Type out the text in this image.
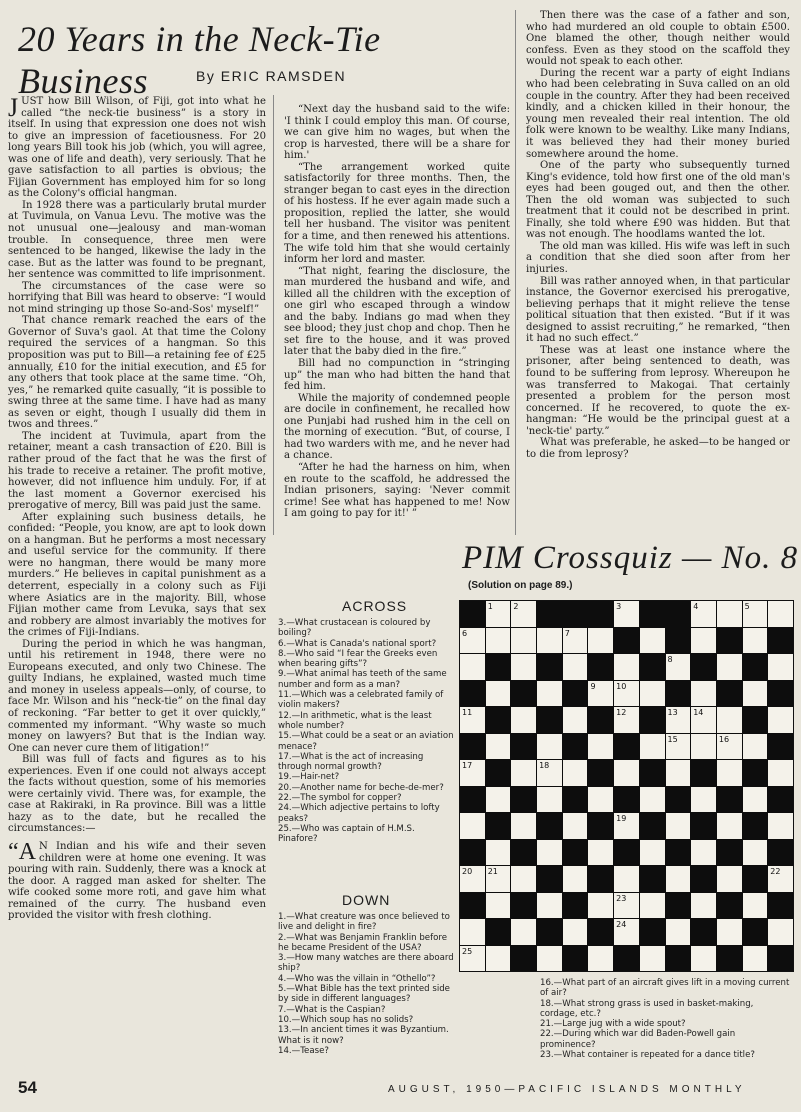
20 Years in the Neck-Tie Business	By ERIC RAMSDEN

JUST how Bill Wilson, of Fiji, got into what he called “the neck-tie business” is a story in itself. In using that expression one does not wish to give an impression of facetiousness. For 20 long years Bill took his job (which, you will agree, was one of life and death), very seriously. That he gave satisfaction to all parties is obvious; the Fijian Government has employed him for so long as the Colony's official hangman.

In 1928 there was a particularly brutal murder at Tuvimula, on Vanua Levu. The motive was the not unusual one—jealousy and man-woman trouble. In consequence, three men were sentenced to be hanged, likewise the lady in the case. But as the latter was found to be pregnant, her sentence was committed to life imprisonment.

The circumstances of the case were so horrifying that Bill was heard to observe: “I would not mind stringing up those So-and-Sos' myself!”

That chance remark reached the ears of the Governor of Suva's gaol. At that time the Colony required the services of a hangman. So this proposition was put to Bill—a retaining fee of £25 annually, £10 for the initial execution, and £5 for any others that took place at the same time. “Oh, yes,” he remarked quite casually, “it is possible to swing three at the same time. I have had as many as seven or eight, though I usually did them in twos and threes.”

The incident at Tuvimula, apart from the retainer, meant a cash transaction of £20. Bill is rather proud of the fact that he was the first of his trade to receive a retainer. The profit motive, however, did not influence him unduly. For, if at the last moment a Governor exercised his prerogative of mercy, Bill was paid just the same.

After explaining such business details, he confided: “People, you know, are apt to look down on a hangman. But he performs a most necessary and useful service for the community. If there were no hangman, there would be many more murders.” He believes in capital punishment as a deterrent, especially in a colony such as Fiji where Asiatics are in the majority. Bill, whose Fijian mother came from Levuka, says that sex and robbery are almost invariably the motives for the crimes of Fiji-Indians.

During the period in which he was hangman, until his retirement in 1948, there were no Europeans executed, and only two Chinese. The guilty Indians, he explained, wasted much time and money in useless appeals—only, of course, to face Mr. Wilson and his “neck-tie” on the final day of reckoning. “Far better to get it over quickly,” commented my informant. “Why waste so much money on lawyers? But that is the Indian way. One can never cure them of litigation!”

Bill was full of facts and figures as to his experiences. Even if one could not always accept the facts without question, some of his memories were certainly vivid. There was, for example, the case at Rakiraki, in Ra province. Bill was a little hazy as to the date, but he recalled the circumstances:—

“A N Indian and his wife and their seven children were at home one evening. It was pouring with rain. Suddenly, there was a knock at the door. A ragged man asked for shelter. The wife cooked some more roti, and gave him what remained of the curry. The husband even provided the visitor with fresh clothing.

“Next day the husband said to the wife: 'I think I could employ this man. Of course, we can give him no wages, but when the crop is harvested, there will be a share for him.'

“The arrangement worked quite satisfactorily for three months. Then, the stranger began to cast eyes in the direction of his hostess. If he ever again made such a proposition, replied the latter, she would tell her husband. The visitor was penitent for a time, and then renewed his attentions. The wife told him that she would certainly inform her lord and master.

“That night, fearing the disclosure, the man murdered the husband and wife, and killed all the children with the exception of one girl who escaped through a window and the baby. Indians go mad when they see blood; they just chop and chop. Then he set fire to the house, and it was proved later that the baby died in the fire.”

Bill had no compunction in “stringing up” the man who had bitten the hand that fed him.

While the majority of condemned people are docile in confinement, he recalled how one Punjabi had rushed him in the cell on the morning of execution. “But, of course, I had two warders with me, and he never had a chance.

“After he had the harness on him, when en route to the scaffold, he addressed the Indian prisoners, saying: 'Never commit crime! See what has happened to me! Now I am going to pay for it!' ”

Then there was the case of a father and son, who had murdered an old couple to obtain £500. One blamed the other, though neither would confess. Even as they stood on the scaffold they would not speak to each other.

During the recent war a party of eight Indians who had been celebrating in Suva called on an old couple in the country. After they had been received kindly, and a chicken killed in their honour, the young men revealed their real intention. The old folk were known to be wealthy. Like many Indians, it was believed they had their money buried somewhere around the home.

One of the party who subsequently turned King's evidence, told how first one of the old man's eyes had been gouged out, and then the other. Then the old woman was subjected to such treatment that it could not be described in print. Finally, she told where £90 was hidden. But that was not enough. The hoodlams wanted the lot.

The old man was killed. His wife was left in such a condition that she died soon after from her injuries.

Bill was rather annoyed when, in that particular instance, the Governor exercised his prerogative, believing perhaps that it might relieve the tense political situation that then existed. “But if it was designed to assist recruiting,” he remarked, “then it had no such effect.”

These was at least one instance where the prisoner, after being sentenced to death, was found to be suffering from leprosy. Whereupon he was transferred to Makogai. That certainly presented a problem for the person most concerned. If he recovered, to quote the ex-hangman: “He would be the principal guest at a 'neck-tie' party.”

What was preferable, he asked—to be hanged or to die from leprosy?

PIM Crossquiz — No. 8
(Solution on page 89.)
ACROSS
3.—What crustacean is coloured by boiling?
6.—What is Canada's national sport?
8.—Who said “I fear the Greeks even when bearing gifts”?
9.—What animal has teeth of the same number and form as a man?
11.—Which was a celebrated family of violin makers?
12.—In arithmetic, what is the least whole number?
15.—What could be a seat or an aviation menace?
17.—What is the act of increasing through normal growth?
19.—Hair-net?
20.—Another name for beche-de-mer?
22.—The symbol for copper?
24.—Which adjective pertains to lofty peaks?
25.—Who was captain of H.M.S. Pinafore?
DOWN
1.—What creature was once believed to live and delight in fire?
2.—What was Benjamin Franklin before he became President of the USA?
3.—How many watches are there aboard ship?
4.—Who was the villain in “Othello”?
5.—What Bible has the text printed side by side in different languages?
7.—What is the Caspian?
10.—Which soup has no solids?
13.—In ancient times it was Byzantium. What is it now?
14.—Tease?
16.—What part of an aircraft gives lift in a moving current of air?
18.—What strong grass is used in basket-making, cordage, etc.?
21.—Large jug with a wide spout?
22.—During which war did Baden-Powell gain prominence?
23.—What container is repeated for a dance title?
1	2	3	4	5
6	7
8
9	10
11	12	13 14
15	16
17	18
19
20 21	22
23
24
25
54	AUGUST, 1950—PACIFIC ISLANDS MONTHLY
